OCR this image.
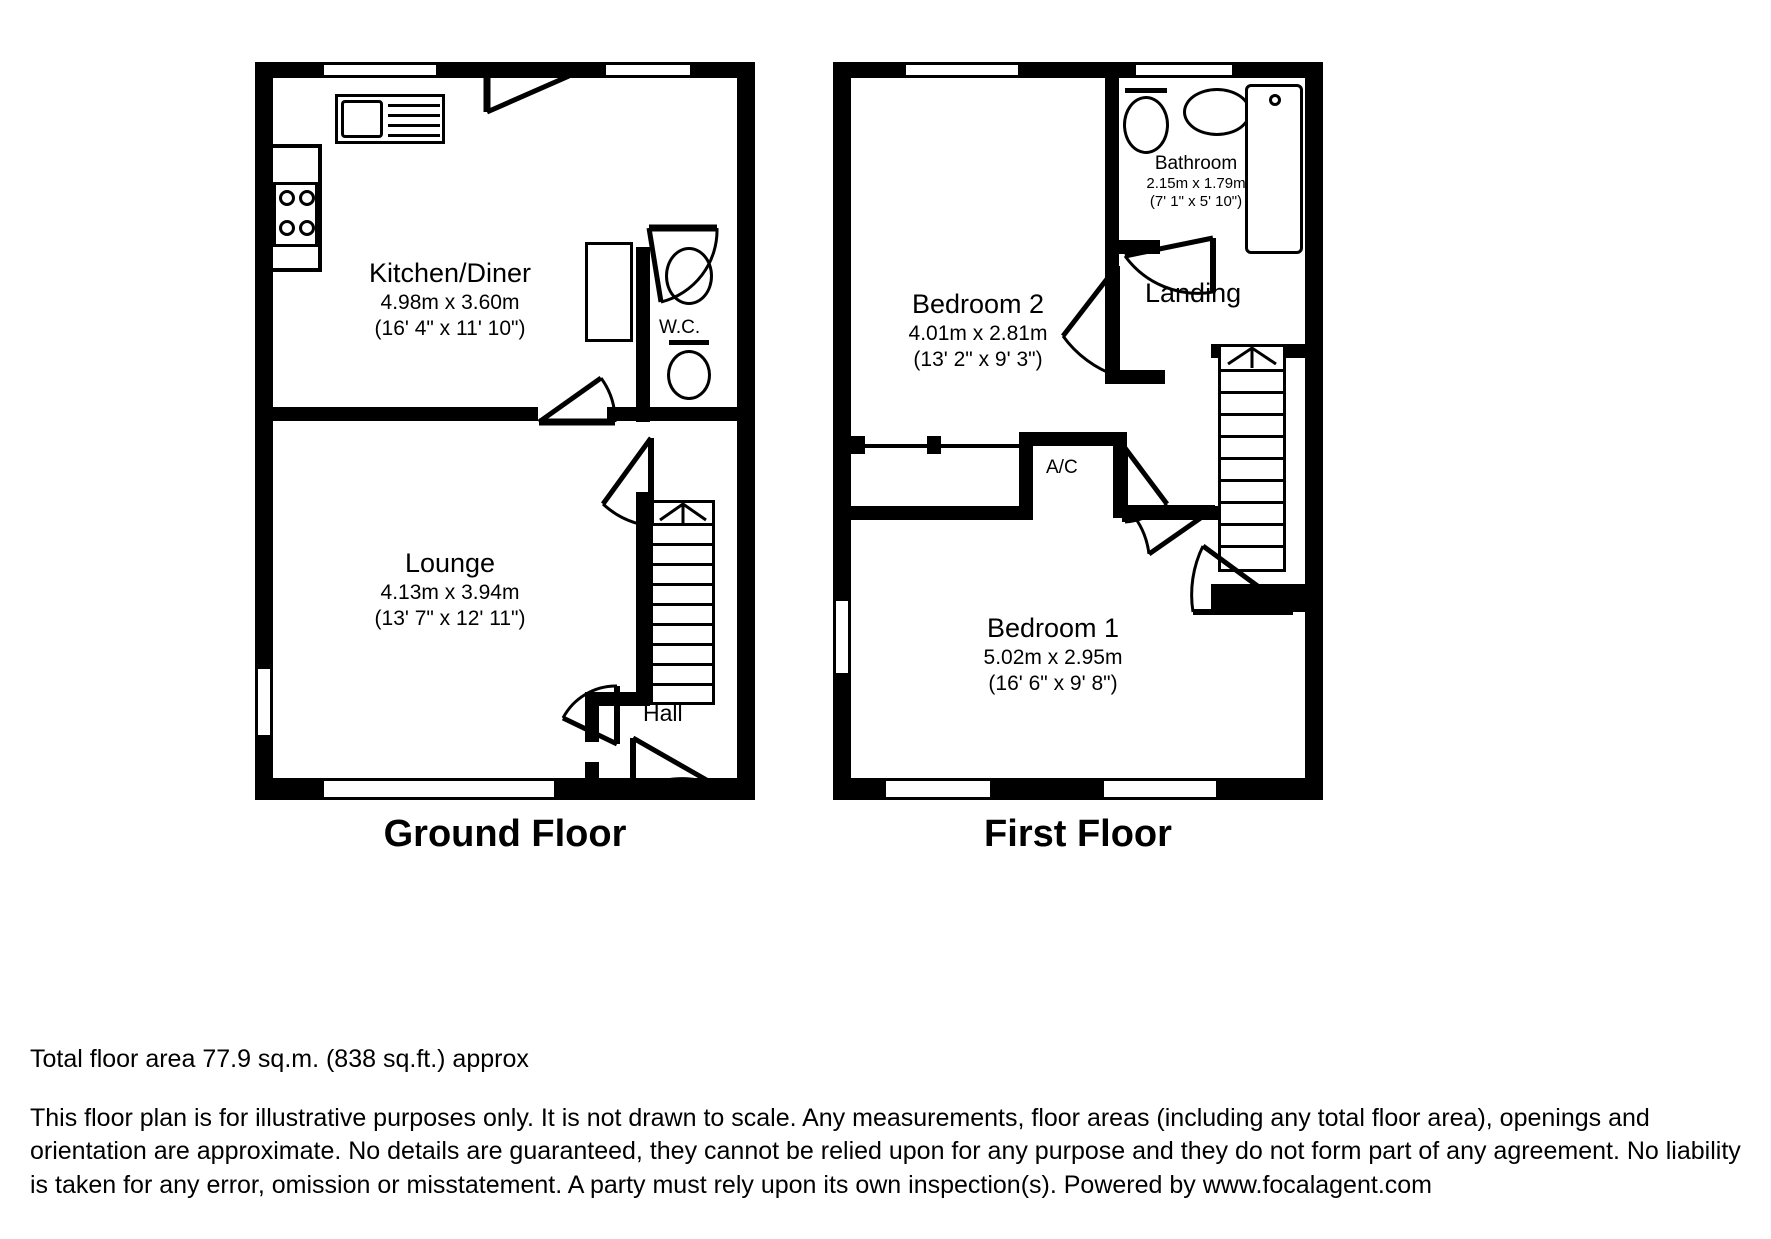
Kitchen/Diner
4.98m x 3.60m
(16' 4" x 11' 10")
Lounge
4.13m x 3.94m
(13' 7" x 12' 11")
W.C.
Hall
Ground Floor
Bedroom 2
4.01m x 2.81m
(13' 2" x 9' 3")
Bedroom 1
5.02m x 2.95m
(16' 6" x 9' 8")
Bathroom
2.15m x 1.79m
(7' 1" x 5' 10")
Landing
A/C
First Floor
Total floor area 77.9 sq.m. (838 sq.ft.) approx
This floor plan is for illustrative purposes only. It is not drawn to scale. Any measurements, floor areas (including any total floor area), openings and orientation are approximate. No details are guaranteed, they cannot be relied upon for any purpose and they do not form part of any agreement. No liability is taken for any error, omission or misstatement. A party must rely upon its own inspection(s). Powered by www.focalagent.com
